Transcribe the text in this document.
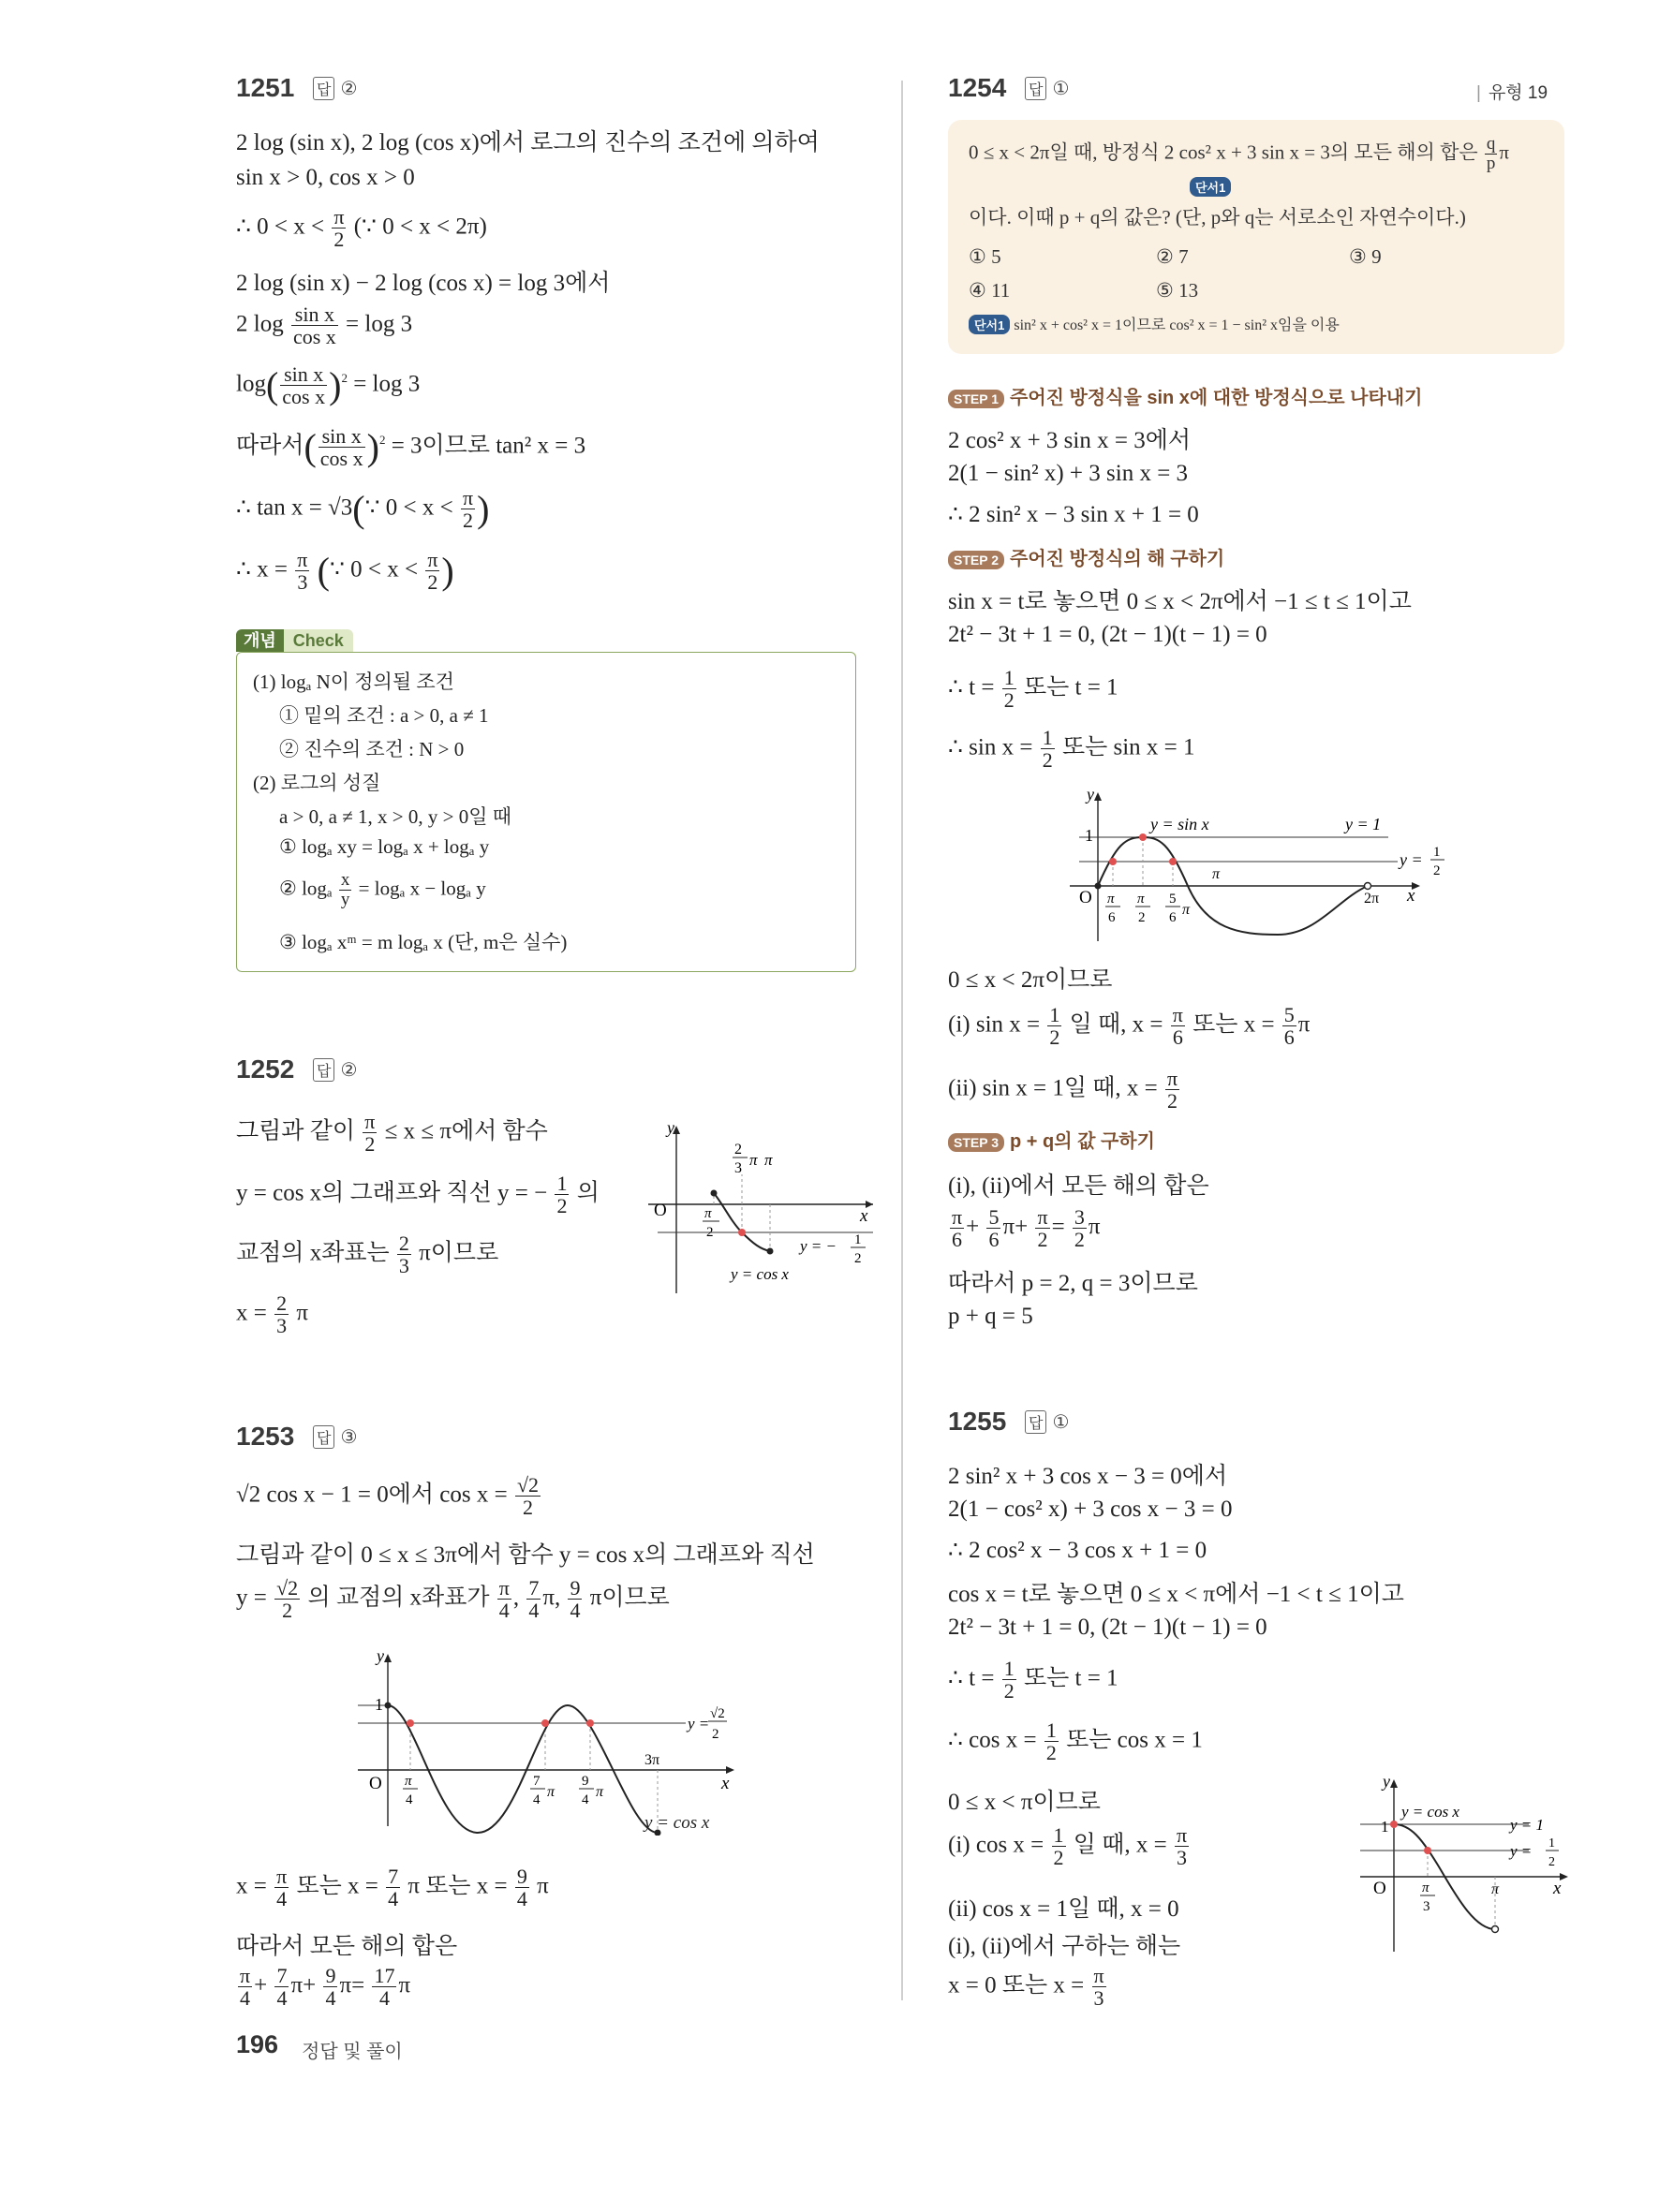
| 유형 19
1251 답 ②
2 log (sin x), 2 log (cos x)에서 로그의 진수의 조건에 의하여
sin x > 0, cos x > 0
∴ $0 < x < \frac{\pi}{2}$ (∵ 0 < x < 2π)
2 log (sin x) − 2 log (cos x) = log 3에서
2 $\log \frac{\text{sin x}}{\text{cos x}} = \log 3$
$\log( \frac{\text{sin x}}{\text{cos x}} )^2 = \log 3$
따라서( $\frac{\text{sin x}}{\text{cos x}} )^2 = 3$이므로 tan² x = 3
∴ tan x = √3(∵ $0 < x < \frac{\pi}{2}$ )
∴ $x = \frac{\pi}{3}$ (∵ $0 < x < \frac{\pi}{2}$ )
개념 Check
(1) logₐ N이 정의될 조건
① 밑의 조건 : a > 0, a ≠ 1
② 진수의 조건 : N > 0
(2) 로그의 성질
a > 0, a ≠ 1, x > 0, y > 0일 때
① logₐ xy = logₐ x + logₐ y
② logₐ $\frac{x}{y} = \log_a$ x − logₐ y
③ logₐ xᵐ = m logₐ x (단, m은 실수)
1252 답 ②
그림과 같이 $\frac{\pi}{2} \le x \le \pi$에서 함수
y = cos x의 그래프와 직선 y = − $\frac{1}{2}$ 의
교점의 x좌표는 $\frac{2}{3}$ π이므로
$x = \frac{2}{3}$ π
y
O	x
2
3 π π
π
2
y = − 1
2
y = cos x
1253 답 ③
√2 cos x − 1 = 0에서 $\cos x = \frac{√2}{2}$
그림과 같이 0 ≤ x ≤ 3π에서 함수 y = cos x의 그래프와 직선
$y = \frac{√2}{2}$ 의 교점의 x좌표가 $\frac{\pi}{4}$ , $\frac{7}{4} \pi$, $\frac{9}{4}$ π이므로
y
1
O	x
π
4
7
4 π
9
4 π
3π
y =
√2
2
y = cos x
$x = \frac{\pi}{4}$ 또는 $x = \frac{7}{4}$ π 또는 $x = \frac{9}{4}$ π
따라서 모든 해의 합은
$\frac{\pi}{4} + \frac{7}{4} \pi+ \frac{9}{4} \pi= \frac{17}{4}$ π
1254 답 ①
0 ≤ x < 2π일 때, 방정식 2 cos² x + 3 sin x = 3의 모든 해의 합은 $\frac{q}{p}$ π
단서1
이다. 이때 p + q의 값은? (단, p와 q는 서로소인 자연수이다.)
① 5	② 7	③ 9
④ 11	⑤ 13
단서1 sin² x + cos² x = 1이므로 cos² x = 1 − sin² x임을 이용
STEP 1 주어진 방정식을 sin x에 대한 방정식으로 나타내기
2 cos² x + 3 sin x = 3에서
2(1 − sin² x) + 3 sin x = 3
∴ 2 sin² x − 3 sin x + 1 = 0
STEP 2 주어진 방정식의 해 구하기
sin x = t로 놓으면 0 ≤ x < 2π에서 −1 ≤ t ≤ 1이고
2t² − 3t + 1 = 0, (2t − 1)(t − 1) = 0
∴ $t = \frac{1}{2}$ 또는 t = 1
∴ $\sin x = \frac{1}{2}$ 또는 sin x = 1
y
1
O	x
y = sin x	y = 1
y = 1
2
π
6
π
2
5
6 π
π
2π
0 ≤ x < 2π이므로
(i) $\sin x = \frac{1}{2}$ 일 때, $x = \frac{\pi}{6}$ 또는 $x = \frac{5}{6}$ π
(ii) sin x = 1일 때, $x = \frac{\pi}{2}$
STEP 3 p + q의 값 구하기
(i), (ii)에서 모든 해의 합은
$\frac{\pi}{6} + \frac{5}{6} \pi+ \frac{\pi}{2} = \frac{3}{2}$ π
따라서 p = 2, q = 3이므로
p + q = 5
1255 답 ①
2 sin² x + 3 cos x − 3 = 0에서
2(1 − cos² x) + 3 cos x − 3 = 0
∴ 2 cos² x − 3 cos x + 1 = 0
cos x = t로 놓으면 0 ≤ x < π에서 −1 < t ≤ 1이고
2t² − 3t + 1 = 0, (2t − 1)(t − 1) = 0
∴ $t = \frac{1}{2}$ 또는 t = 1
∴ $\cos x = \frac{1}{2}$ 또는 cos x = 1
0 ≤ x < π이므로
(i) $\cos x = \frac{1}{2}$ 일 때, $x = \frac{\pi}{3}$
(ii) cos x = 1일 때, x = 0
(i), (ii)에서 구하는 해는
x = 0 또는 $x = \frac{\pi}{3}$
y
y = cos x
y = 1
1
y = 1
2
O	π
3
π	x
196 정답 및 풀이
